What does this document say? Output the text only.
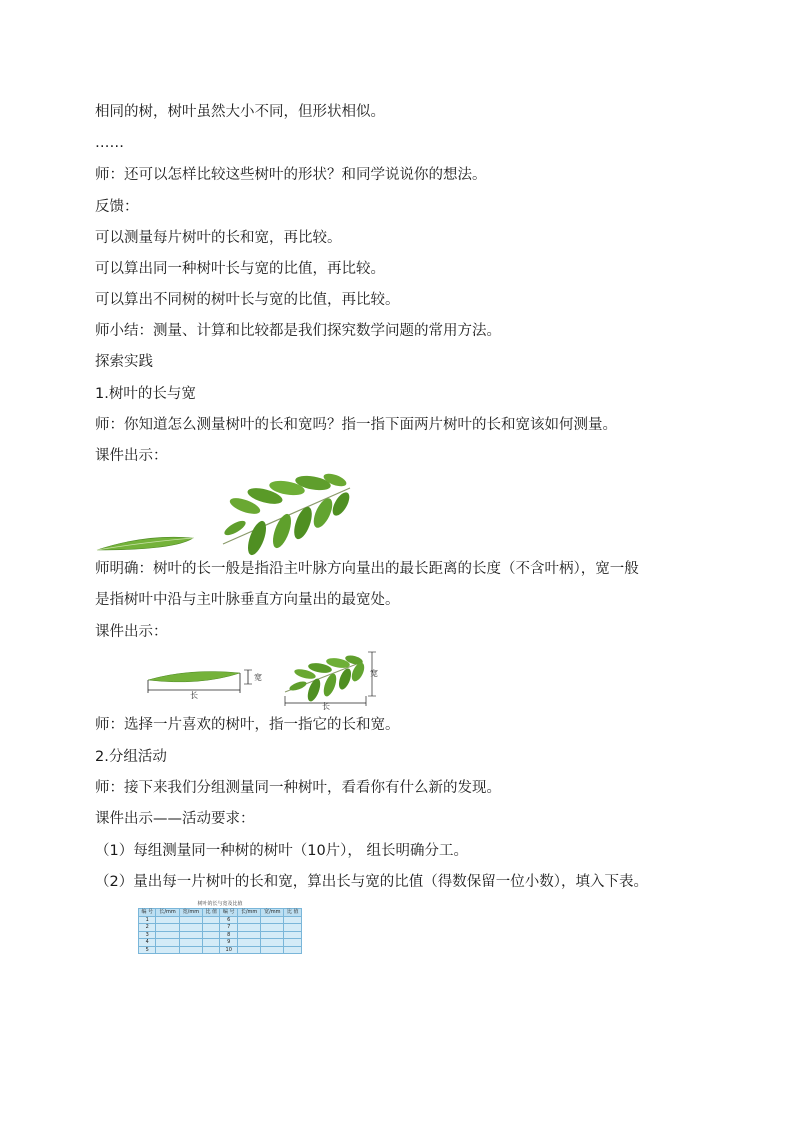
相同的树，树叶虽然大小不同，但形状相似。
……
师：还可以怎样比较这些树叶的形状？和同学说说你的想法。
反馈：
可以测量每片树叶的长和宽，再比较。
可以算出同一种树叶长与宽的比值，再比较。
可以算出不同树的树叶长与宽的比值，再比较。
师小结：测量、计算和比较都是我们探究数学问题的常用方法。
探索实践
1.树叶的长与宽
师：你知道怎么测量树叶的长和宽吗？指一指下面两片树叶的长和宽该如何测量。
课件出示：
师明确：树叶的长一般是指沿主叶脉方向量出的最长距离的长度（不含叶柄），宽一般
是指树叶中沿与主叶脉垂直方向量出的最宽处。
课件出示：
长
宽
长
宽
师：选择一片喜欢的树叶，指一指它的长和宽。
2.分组活动
师：接下来我们分组测量同一种树叶，看看你有什么新的发现。
课件出示——活动要求：
（1）每组测量同一种树的树叶（10片）， 组长明确分工。
（2）量出每一片树叶的长和宽，算出长与宽的比值（得数保留一位小数），填入下表。
树叶的长与宽及比值
编 号	长/mm	宽/mm	比 值	编 号	长/mm	宽/mm	比 值
1				6			
2				7			
3				8			
4				9			
5				10			
